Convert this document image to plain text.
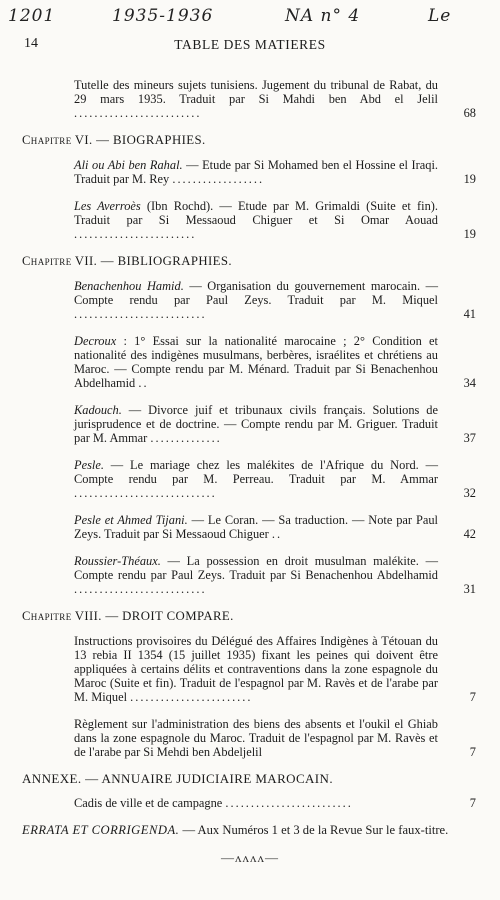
1201	1935-1936	NA n° 4	Le
14	TABLE DES MATIERES
Tutelle des mineurs sujets tunisiens. Jugement du tribunal de Rabat, du 29 mars 1935. Traduit par Si Mahdi ben Abd el Jelil .........................	68
Chapitre VI. — BIOGRAPHIES.
Ali ou Abi ben Rahal. — Etude par Si Mohamed ben el Hossine el Iraqi. Traduit par M. Rey ..................	19
Les Averroès (Ibn Rochd). — Etude par M. Grimaldi (Suite et fin). Traduit par Si Messaoud Chiguer et Si Omar Aouad ........................	19
Chapitre VII. — BIBLIOGRAPHIES.
Benachenhou Hamid. — Organisation du gouvernement marocain. — Compte rendu par Paul Zeys. Traduit par M. Miquel ..........................	41
Decroux : 1° Essai sur la nationalité marocaine ; 2° Condition et nationalité des indigènes musulmans, berbères, israélites et chrétiens au Maroc. — Compte rendu par M. Ménard. Traduit par Si Benachenhou Abdelhamid ..	34
Kadouch. — Divorce juif et tribunaux civils français. Solutions de jurisprudence et de doctrine. — Compte rendu par M. Griguer. Traduit par M. Ammar ..............	37
Pesle. — Le mariage chez les malékites de l'Afrique du Nord. — Compte rendu par M. Perreau. Traduit par M. Ammar ............................	32
Pesle et Ahmed Tijani. — Le Coran. — Sa traduction. — Note par Paul Zeys. Traduit par Si Messaoud Chiguer ..	42
Roussier-Théaux. — La possession en droit musulman malékite. — Compte rendu par Paul Zeys. Traduit par Si Benachenhou Abdelhamid ..........................	31
Chapitre VIII. — DROIT COMPARE.
Instructions provisoires du Délégué des Affaires Indigènes à Tétouan du 13 rebia II 1354 (15 juillet 1935) fixant les peines qui doivent être appliquées à certains délits et contraventions dans la zone espagnole du Maroc (Suite et fin). Traduit de l'espagnol par M. Ravès et de l'arabe par M. Miquel ........................	7
Règlement sur l'administration des biens des absents et l'oukil el Ghiab dans la zone espagnole du Maroc. Traduit de l'espagnol par M. Ravès et de l'arabe par Si Mehdi ben Abdeljelil	7
ANNEXE. — ANNUAIRE JUDICIAIRE MAROCAIN.
Cadis de ville et de campagne .........................	7
ERRATA ET CORRIGENDA. — Aux Numéros 1 et 3 de la Revue Sur le faux-titre.
—ᴧᴧᴧᴧ—
